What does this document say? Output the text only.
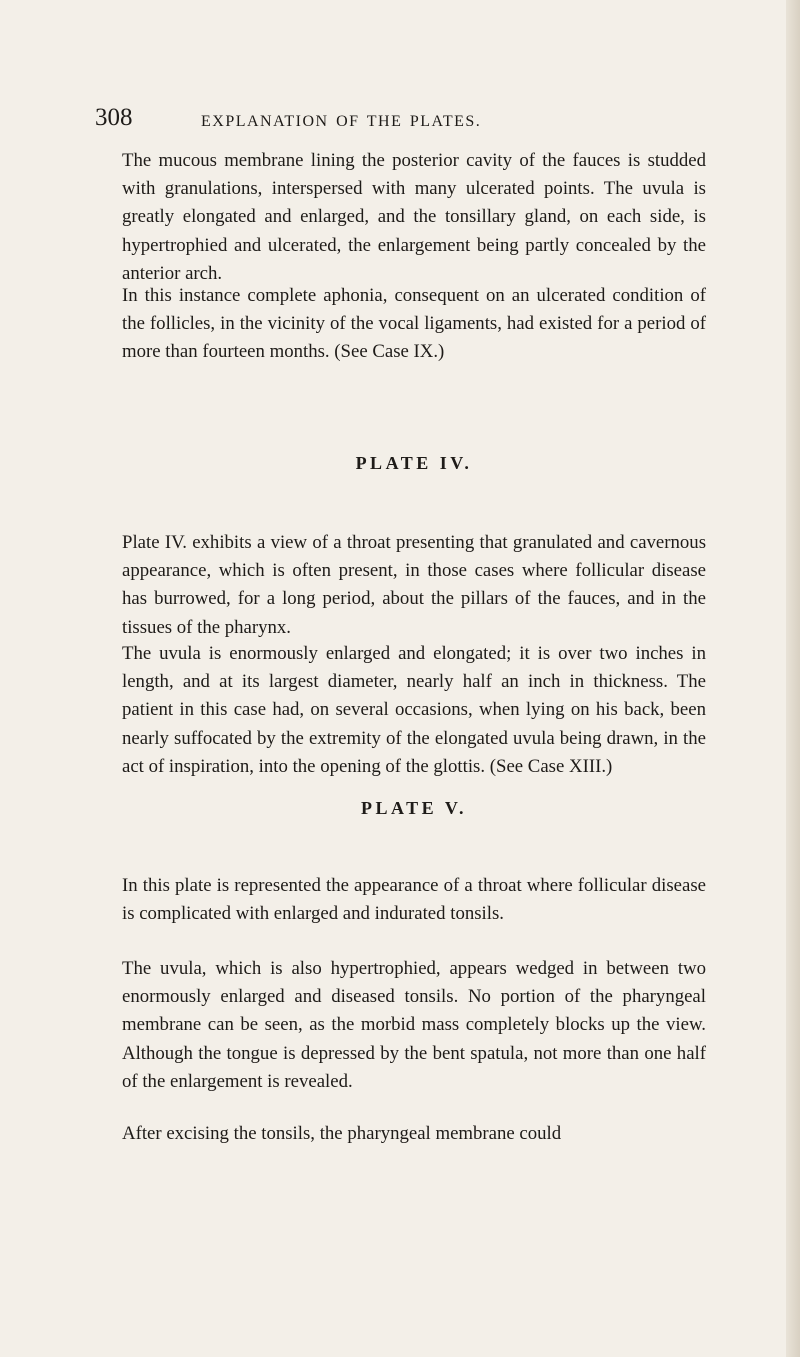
308	EXPLANATION OF THE PLATES.

The mucous membrane lining the posterior cavity of the fauces is studded with granulations, interspersed with many ulcerated points. The uvula is greatly elongated and enlarged, and the tonsillary gland, on each side, is hypertrophied and ulcerated, the enlargement being partly concealed by the anterior arch.

In this instance complete aphonia, consequent on an ulcerated condition of the follicles, in the vicinity of the vocal ligaments, had existed for a period of more than fourteen months. (See Case IX.)

PLATE IV.

Plate IV. exhibits a view of a throat presenting that granulated and cavernous appearance, which is often present, in those cases where follicular disease has burrowed, for a long period, about the pillars of the fauces, and in the tissues of the pharynx.

The uvula is enormously enlarged and elongated; it is over two inches in length, and at its largest diameter, nearly half an inch in thickness. The patient in this case had, on several occasions, when lying on his back, been nearly suffocated by the extremity of the elongated uvula being drawn, in the act of inspiration, into the opening of the glottis. (See Case XIII.)

PLATE V.

In this plate is represented the appearance of a throat where follicular disease is complicated with enlarged and indurated tonsils.

The uvula, which is also hypertrophied, appears wedged in between two enormously enlarged and diseased tonsils. No portion of the pharyngeal membrane can be seen, as the morbid mass completely blocks up the view. Although the tongue is depressed by the bent spatula, not more than one half of the enlargement is revealed.

After excising the tonsils, the pharyngeal membrane could
